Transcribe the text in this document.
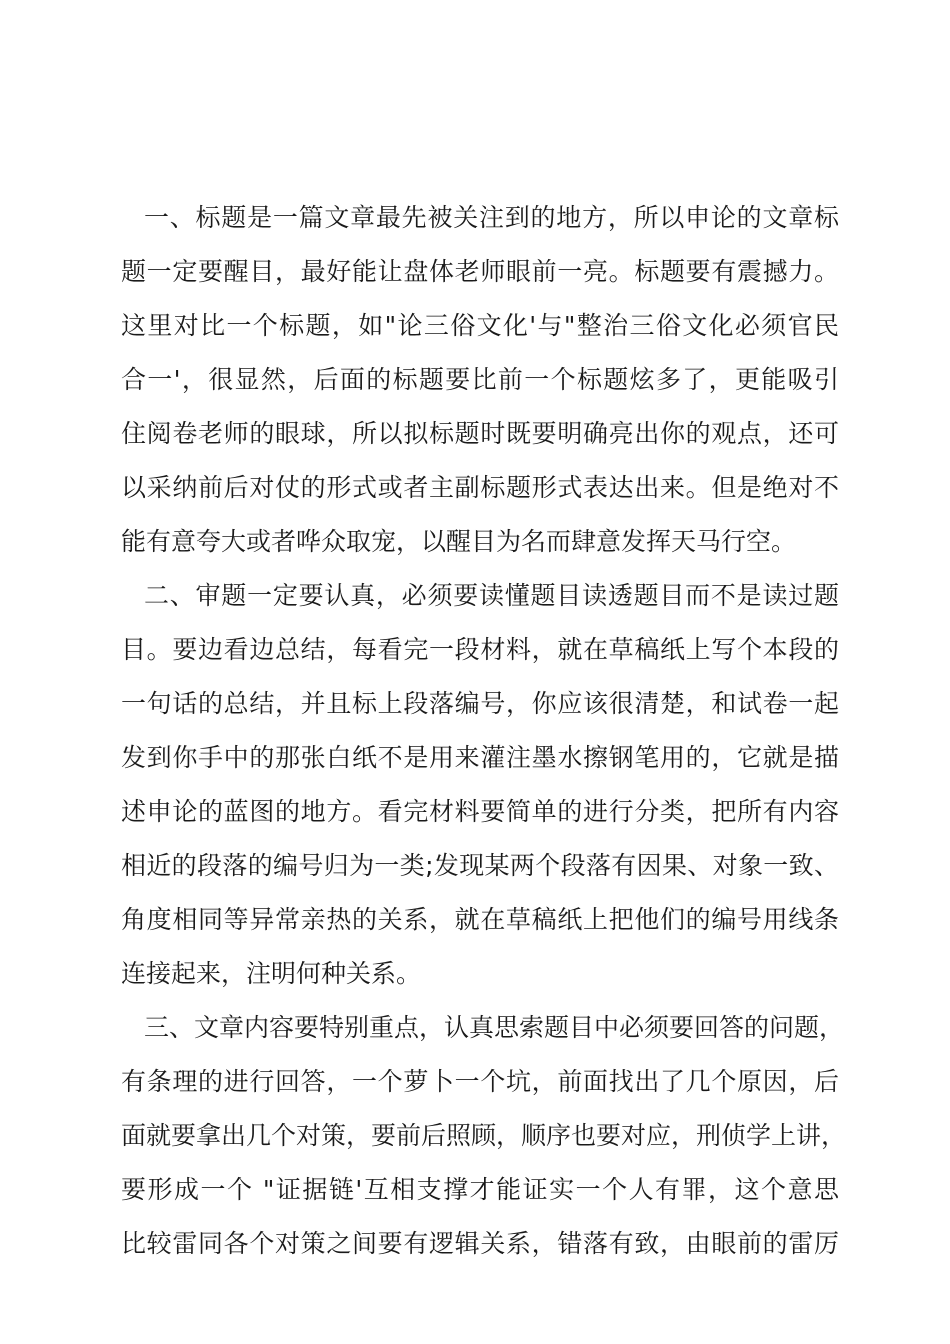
一、标题是一篇文章最先被关注到的地方，所以申论的文章标
题一定要醒目，最好能让盘体老师眼前一亮。标题要有震撼力。
这里对比一个标题，如"论三俗文化'与"整治三俗文化必须官民
合一'，很显然，后面的标题要比前一个标题炫多了，更能吸引
住阅卷老师的眼球，所以拟标题时既要明确亮出你的观点，还可
以采纳前后对仗的形式或者主副标题形式表达出来。但是绝对不
能有意夸大或者哗众取宠，以醒目为名而肆意发挥天马行空。
二、审题一定要认真，必须要读懂题目读透题目而不是读过题
目。要边看边总结，每看完一段材料，就在草稿纸上写个本段的
一句话的总结，并且标上段落编号，你应该很清楚，和试卷一起
发到你手中的那张白纸不是用来灌注墨水擦钢笔用的，它就是描
述申论的蓝图的地方。看完材料要简单的进行分类，把所有内容
相近的段落的编号归为一类;发现某两个段落有因果、对象一致、
角度相同等异常亲热的关系，就在草稿纸上把他们的编号用线条
连接起来，注明何种关系。
三、文章内容要特别重点，认真思索题目中必须要回答的问题，
有条理的进行回答，一个萝卜一个坑，前面找出了几个原因，后
面就要拿出几个对策，要前后照顾，顺序也要对应，刑侦学上讲，
要形成一个 "证据链'互相支撑才能证实一个人有罪，这个意思
比较雷同各个对策之间要有逻辑关系，错落有致，由眼前的雷厉
